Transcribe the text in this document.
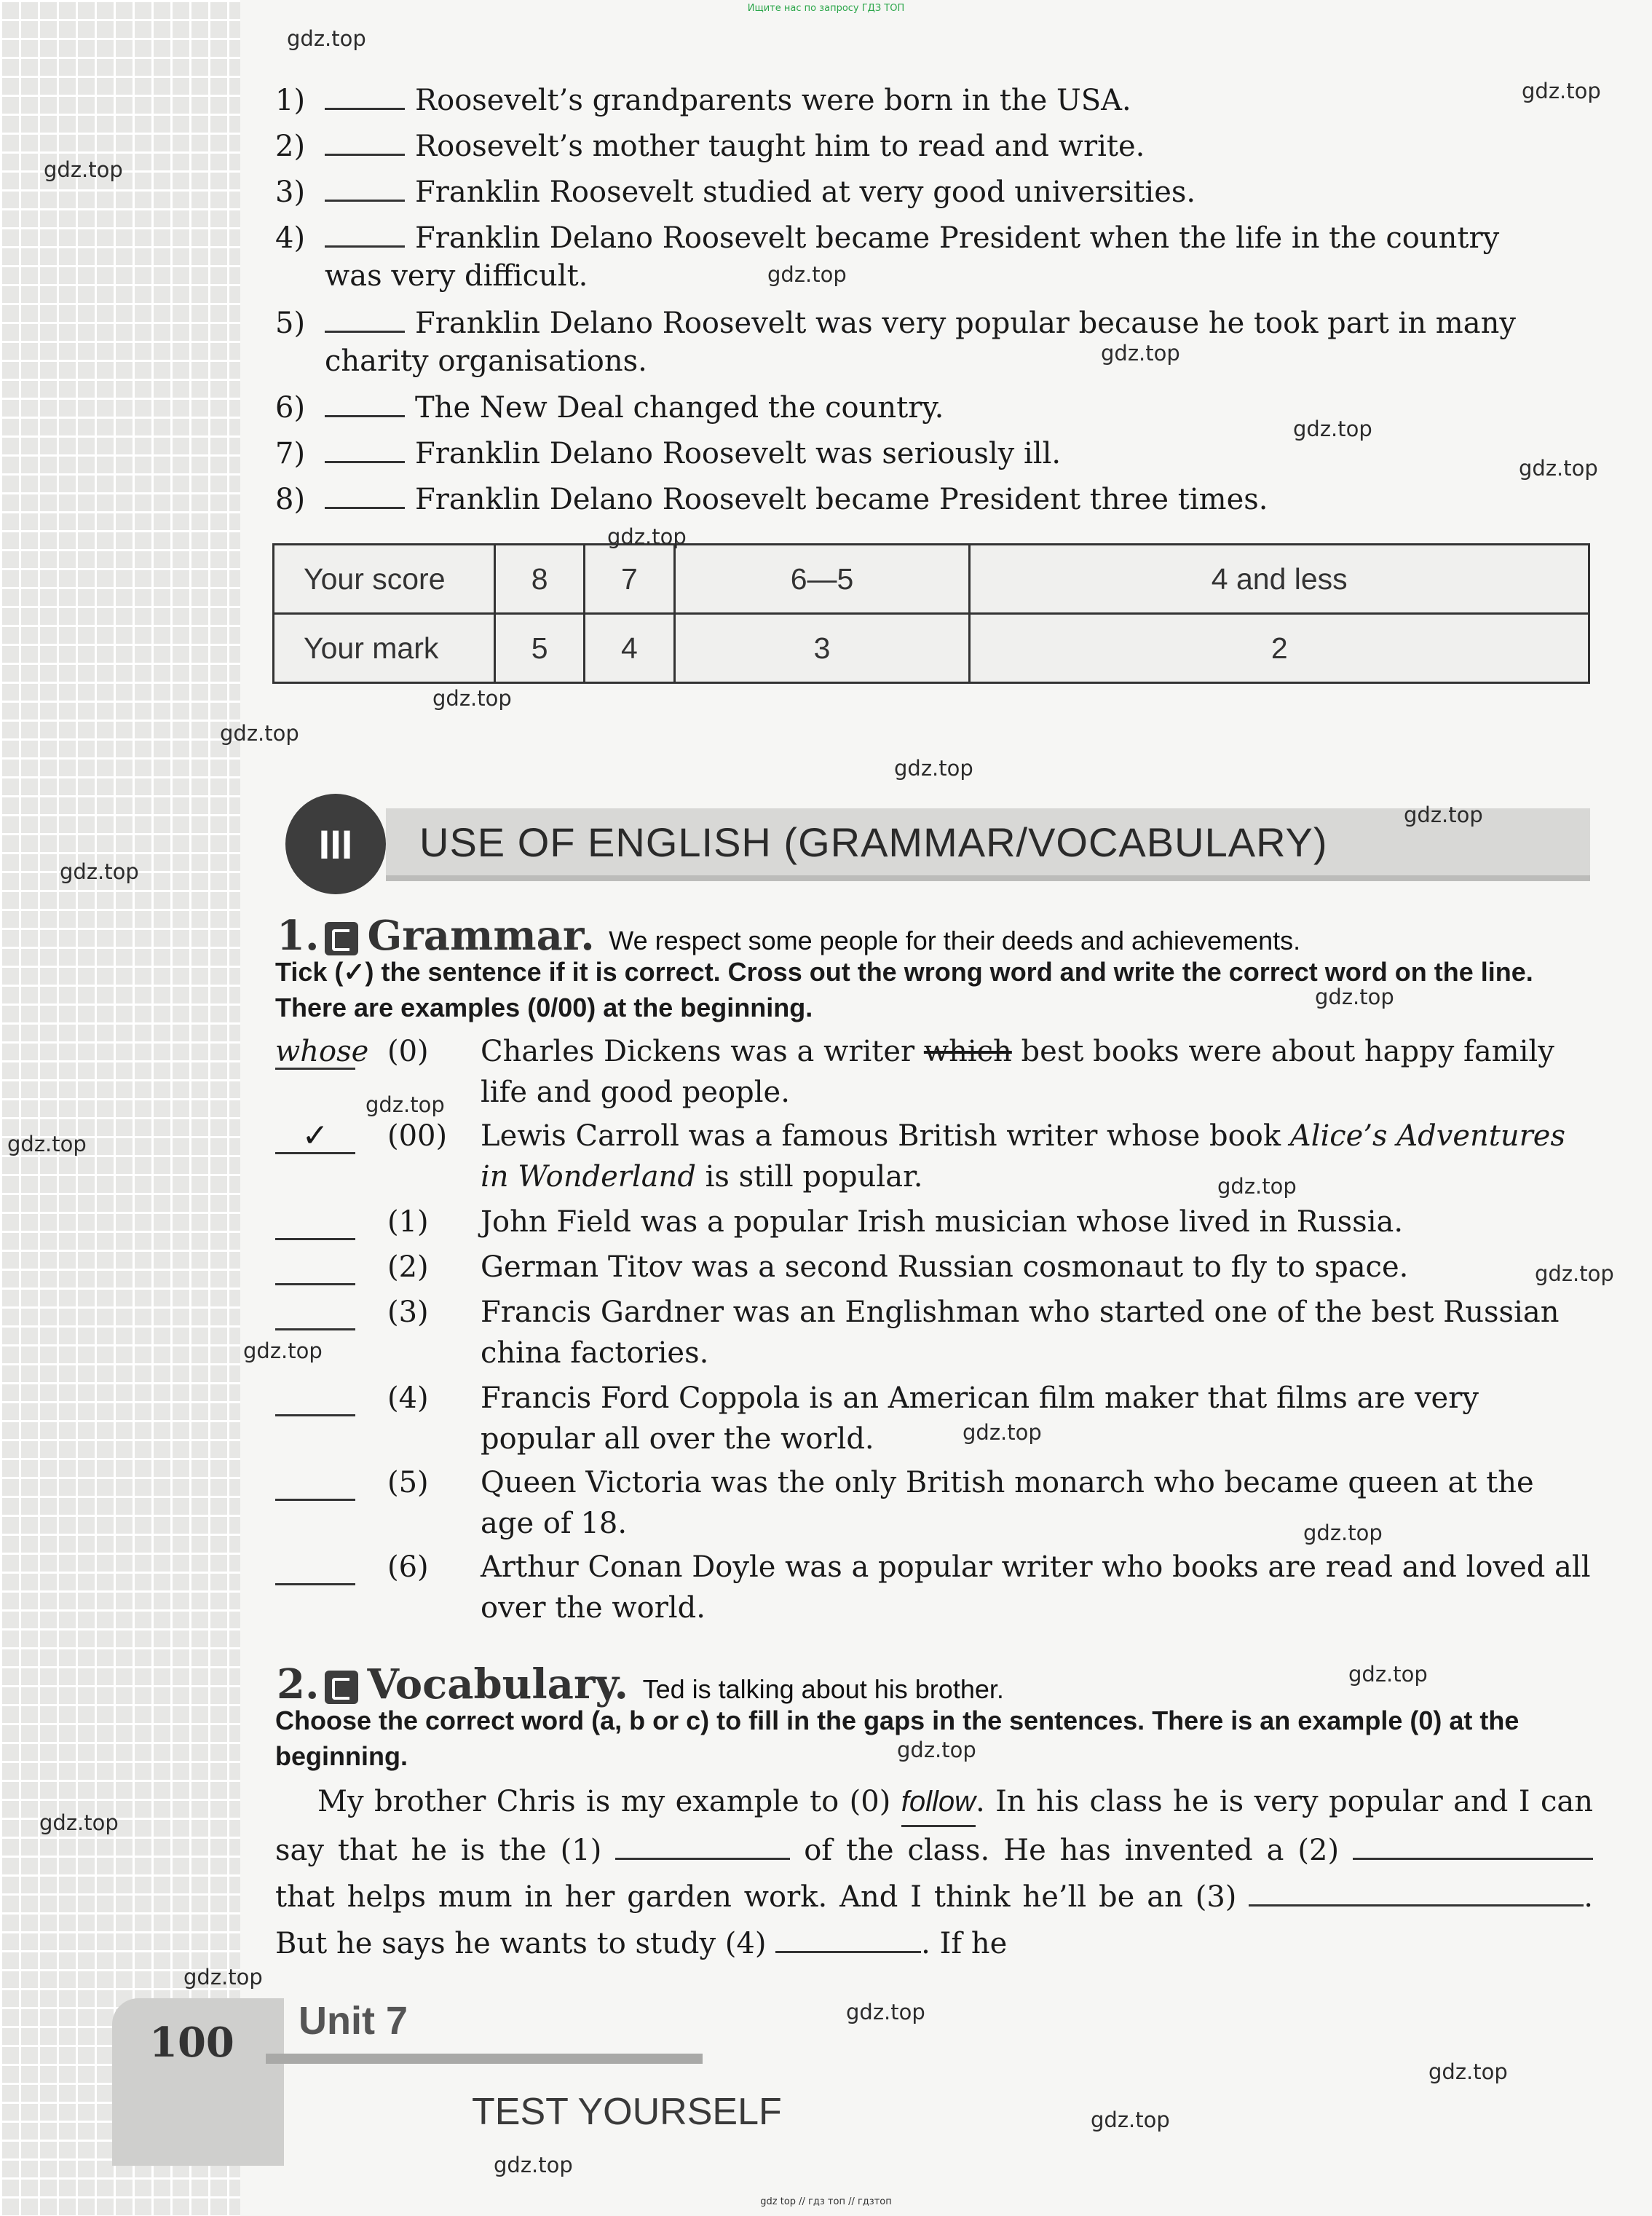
Ищите нас по запросу ГДЗ ТОП
1)	Roosevelt’s grandparents were born in the USA.
2)	Roosevelt’s mother taught him to read and write.
3)	Franklin Roosevelt studied at very good universities.
4)	Franklin Delano Roosevelt became President when the life in the country
was very difficult.
5)	Franklin Delano Roosevelt was very popular because he took part in many
charity organisations.
6)	The New Deal changed the country.
7)	Franklin Delano Roosevelt was seriously ill.
8)	Franklin Delano Roosevelt became President three times.
Your score	8	7	6—5	4 and less
Your mark	5	4	3	2
III	USE OF ENGLISH (GRAMMAR/VOCABULARY)
1. Grammar. We respect some people for their deeds and achievements.
Tick (✓) the sentence if it is correct. Cross out the wrong word and write the correct word on the line. There are examples (0/00) at the beginning.
whose (0) Charles Dickens was a writer which best books were about happy family life and good people.
✓	(00) Lewis Carroll was a famous British writer whose book Alice’s Adventures in Wonderland is still popular.
(1) John Field was a popular Irish musician whose lived in Russia.
(2) German Titov was a second Russian cosmonaut to fly to space.
(3) Francis Gardner was an Englishman who started one of the best Russian china factories.
(4) Francis Ford Coppola is an American film maker that films are very popular all over the world.
(5) Queen Victoria was the only British monarch who became queen at the age of 18.
(6) Arthur Conan Doyle was a popular writer who books are read and loved all over the world.
2. Vocabulary. Ted is talking about his brother.
Choose the correct word (a, b or c) to fill in the gaps in the sentences. There is an example (0) at the beginning.
My brother Chris is my example to (0) follow. In his class he is very popular and I can say that he is the (1)	of the class. He has invented a (2)  that helps mum in her garden work. And I think he’ll be an (3)	. But he says he wants to study (4)	. If he
100 Unit 7
TEST YOURSELF
gdz.top
gdz.top
gdz.top
gdz.top
gdz.top
gdz.top
gdz.top
gdz.top
gdz.top
gdz.top
gdz.top
gdz.top
gdz.top
gdz.top
gdz.top
gdz.top
gdz.top
gdz.top
gdz.top
gdz.top
gdz.top
gdz.top
gdz.top
gdz.top
gdz.top
gdz.top
gdz.top
gdz.top
gdz.top
gdz top // гдз топ // гдзтоп
